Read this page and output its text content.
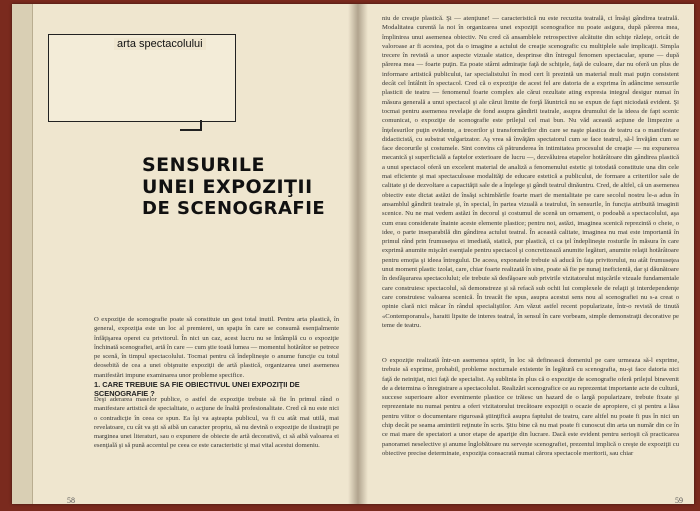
arta spectacolului
SENSURILE
UNEI EXPOZIŢII
DE SCENOGRAFIE
O expoziţie de scenografie poate să constituie un gest total inutil. Pentru arta plastică, în general, expoziţia este un loc al premierei, un spaţiu în care se consumă esenţialmente înfăţişarea operei cu privitorul. În nici un caz, acest lucru nu se întâmplă cu o expoziţie închinată scenografiei, artă în care — cum ştie toată lumea — momentul hotărâtor se petrece pe scenă, în timpul spectacolului. Tocmai pentru că îndeplineşte o anume funcţie cu totul deosebită de cea a unei obişnuite expoziţii de artă plastică, organizarea unei asemenea manifestări impune examinarea unor probleme specifice.
1. CARE TREBUIE SA FIE OBIECTIVUL UNEI EXPOZIŢII DE SCENOGRAFIE ?
Deşi aderarea maselor publice, o astfel de expoziţie trebuie să fie în primul rând o manifestare artistică de specialitate, o acţiune de înaltă profesionalitate. Cred că nu este nici o contradicţie în ceea ce spun. Ea îşi va aşteapta publicul, va fi cu atât mai utilă, mai revelatoare, cu cât va şti să aibă un caracter propriu, să nu devină o expoziţie de ilustraţii pe marginea unei literaturi, sau o expunere de obiecte de artă decorativă, ci să aibă valoarea ei esenţială şi să pună accentul pe ceea ce este caracteristic şi mai vital acestui domeniu.
58
niu de creaţie plastică. Şi — atenţiune! — caracteristică nu este recuzita teatrală, ci însăşi gândirea teatrală. Modalitatea curentă la noi în organizarea unei expoziţii scenografice nu poate asigura, după părerea mea, împlinirea unui asemenea obiectiv. Nu cred că ansamblele retrospective alcătuite din schiţe răzleţe, oricât de valoroase ar fi acestea, pot da o imagine a actului de creaţie scenografic cu multiplele sale implicaţii. Simpla trecere în revistă a unor aspecte vizuale statice, desprinse din întregul fenomen spectacular, spune — după părerea mea — foarte puţin. Ea poate stârni admiraţie faţă de schiţele, faţă de culoare, dar nu oferă un plus de informare artistică publicului, iar specialistului în mod cert îi prezintă un material mult mai puţin consistent decât cel întâlnit în spectacol. Cred că o expoziţie de acest fel are datoria de a exprima în adâncime sensurile plasticii de teatru — fenomenul foarte complex ale cărui rezultate ating expresia integral desigur numai în măsura generală a unui spectacol şi ale cărui limite de forţă lăuntrică nu se expun de fapt niciodată evident. Şi tocmai pentru asemenea revelaţie de fond asupra gândirii teatrale, asupra drumului de la ideea de fapt scenic comunicat, o expoziţie de scenografie este prilejul cel mai bun. Nu văd această acţiune de limpezire a înţelesurilor puţin evidente, a trecerilor şi transformărilor din care se naşte plastica de teatru ca o manifestare didacticistă, cu substrat vulgarizator. Aş vrea să învăţăm spectatorul cum se face teatrul, să-l învăţăm cum se face decorurile şi costumele. Sint convins că pătrunderea în intimitatea procesului de creaţie — nu expunerea mecanică şi superficială a faptelor exterioare de lucru —, dezvăluirea etapelor hotărâtoare din gândirea plastică a unui spectacol oferă un excelent material de analiză a fenomenului estetic şi totodată constituie una din cele mai eficiente şi mai spectaculoase modalităţi de educare estetică a publicului, de formare a criteriilor sale de calitate şi de dezvoltare a capacităţii sale de a înţelege şi gândi teatrul dinăuntru. Cred, de altfel, că un asemenea obiectiv este dictat astăzi de însăşi schimbările foarte mari de mentalitate pe care secolul nostru le-a adus în ansamblul gândirii teatrale şi, în special, în partea vizuală a teatrului, în sensurile, în funcţia atribuită imaginii scenice. Nu ne mai vedem astăzi în decorul şi costumul de scenă un ornament, o podoabă a spectacolului, aşa cum erau considerate înainte aceste elemente plastice; pentru noi, astăzi, imaginea scenică reprezintă o cheie, o idee, o parte inseparabilă din gândirea actului teatral. În această calitate, imaginea nu mai este importantă în primul rând prin frumuseţea ei imediată, statică, pur plastică, ci ca ţel îndeplineşte rosturile în măsura în care exprimă anumite mişcări esenţiale pentru spectacol şi concretizează anumite legături, anumite relaţii hotărâtoare pentru emoţia şi ideea întregului. De aceea, exponatele trebuie să aducă în faţa privitorului, nu atât frumuseţea unui moment plastic izolat, care, chiar foarte realizată în sine, poate să fie pe nunaj ineficientă, dar şi dăunătoare în desfăşurarea spectacolului; ele trebuie să desfăşoare sub privirile vizitatorului mişcările vizuale fundamentale care construiesc spectacolul, să demonstreze şi să refacă sub ochii lui complexele de relaţii şi interdependenţe care construiesc valoarea scenică. În treacăt fie spus, asupra acestui sens nou al scenografiei nu s-a creat o opinie clară nici măcar în rândul specialiştilor. Am văzut astfel recent popularizate, într-o revistă de tinută «Contemporanul», haraiti lipsite de interes teatral, în sensul în care vorbeam, simple demonstraţii decorative pe teme de teatru.
O expoziţie realizată într-un asemenea spirit, în loc să definească domeniul pe care urmeaza să-l exprime, trebuie să exprime, probabil, probleme nocturnale existente în legătură cu scenografia, nu-şi face datoria nici faţă de neiniţiat, nici faţă de specialist. Aş sublinia în plus că o expoziţie de scenografie oferă prilejul binevenit de a determina o înregistrare a spectacolului. Realizări scenografice ce au reprezentat importante acte de cultură, succese superioare altor evenimente plastice ce trăiesc un hazard de o largă popularizare, trebuie fixate şi reprezentate nu numai pentru a oferi vizitatorului trecătoare expoziţii o ocazie de apropiere, ci şi pentru a lăsa pentru viitor o documentare riguroasă ştiinţifică asupra faptului de teatru, care altfel nu poate fi pus în nici un chip decât pe seama amintirii reţinute în scris. Ştiu bine că nu mai poate fi cunoscut din arta un număr din ce în ce mai mare de spectatori a unor etape de apariţie din lucrare. Dacă este evident pentru serioşii că practicarea panoramei neselective şi anume înglobătoare nu serveşte scenografiei, prezentul implică o creşte de expoziţii cu obiective precise determinate, expoziţia consacrată numai cărora spectacole meritorii, sau chiar
59
